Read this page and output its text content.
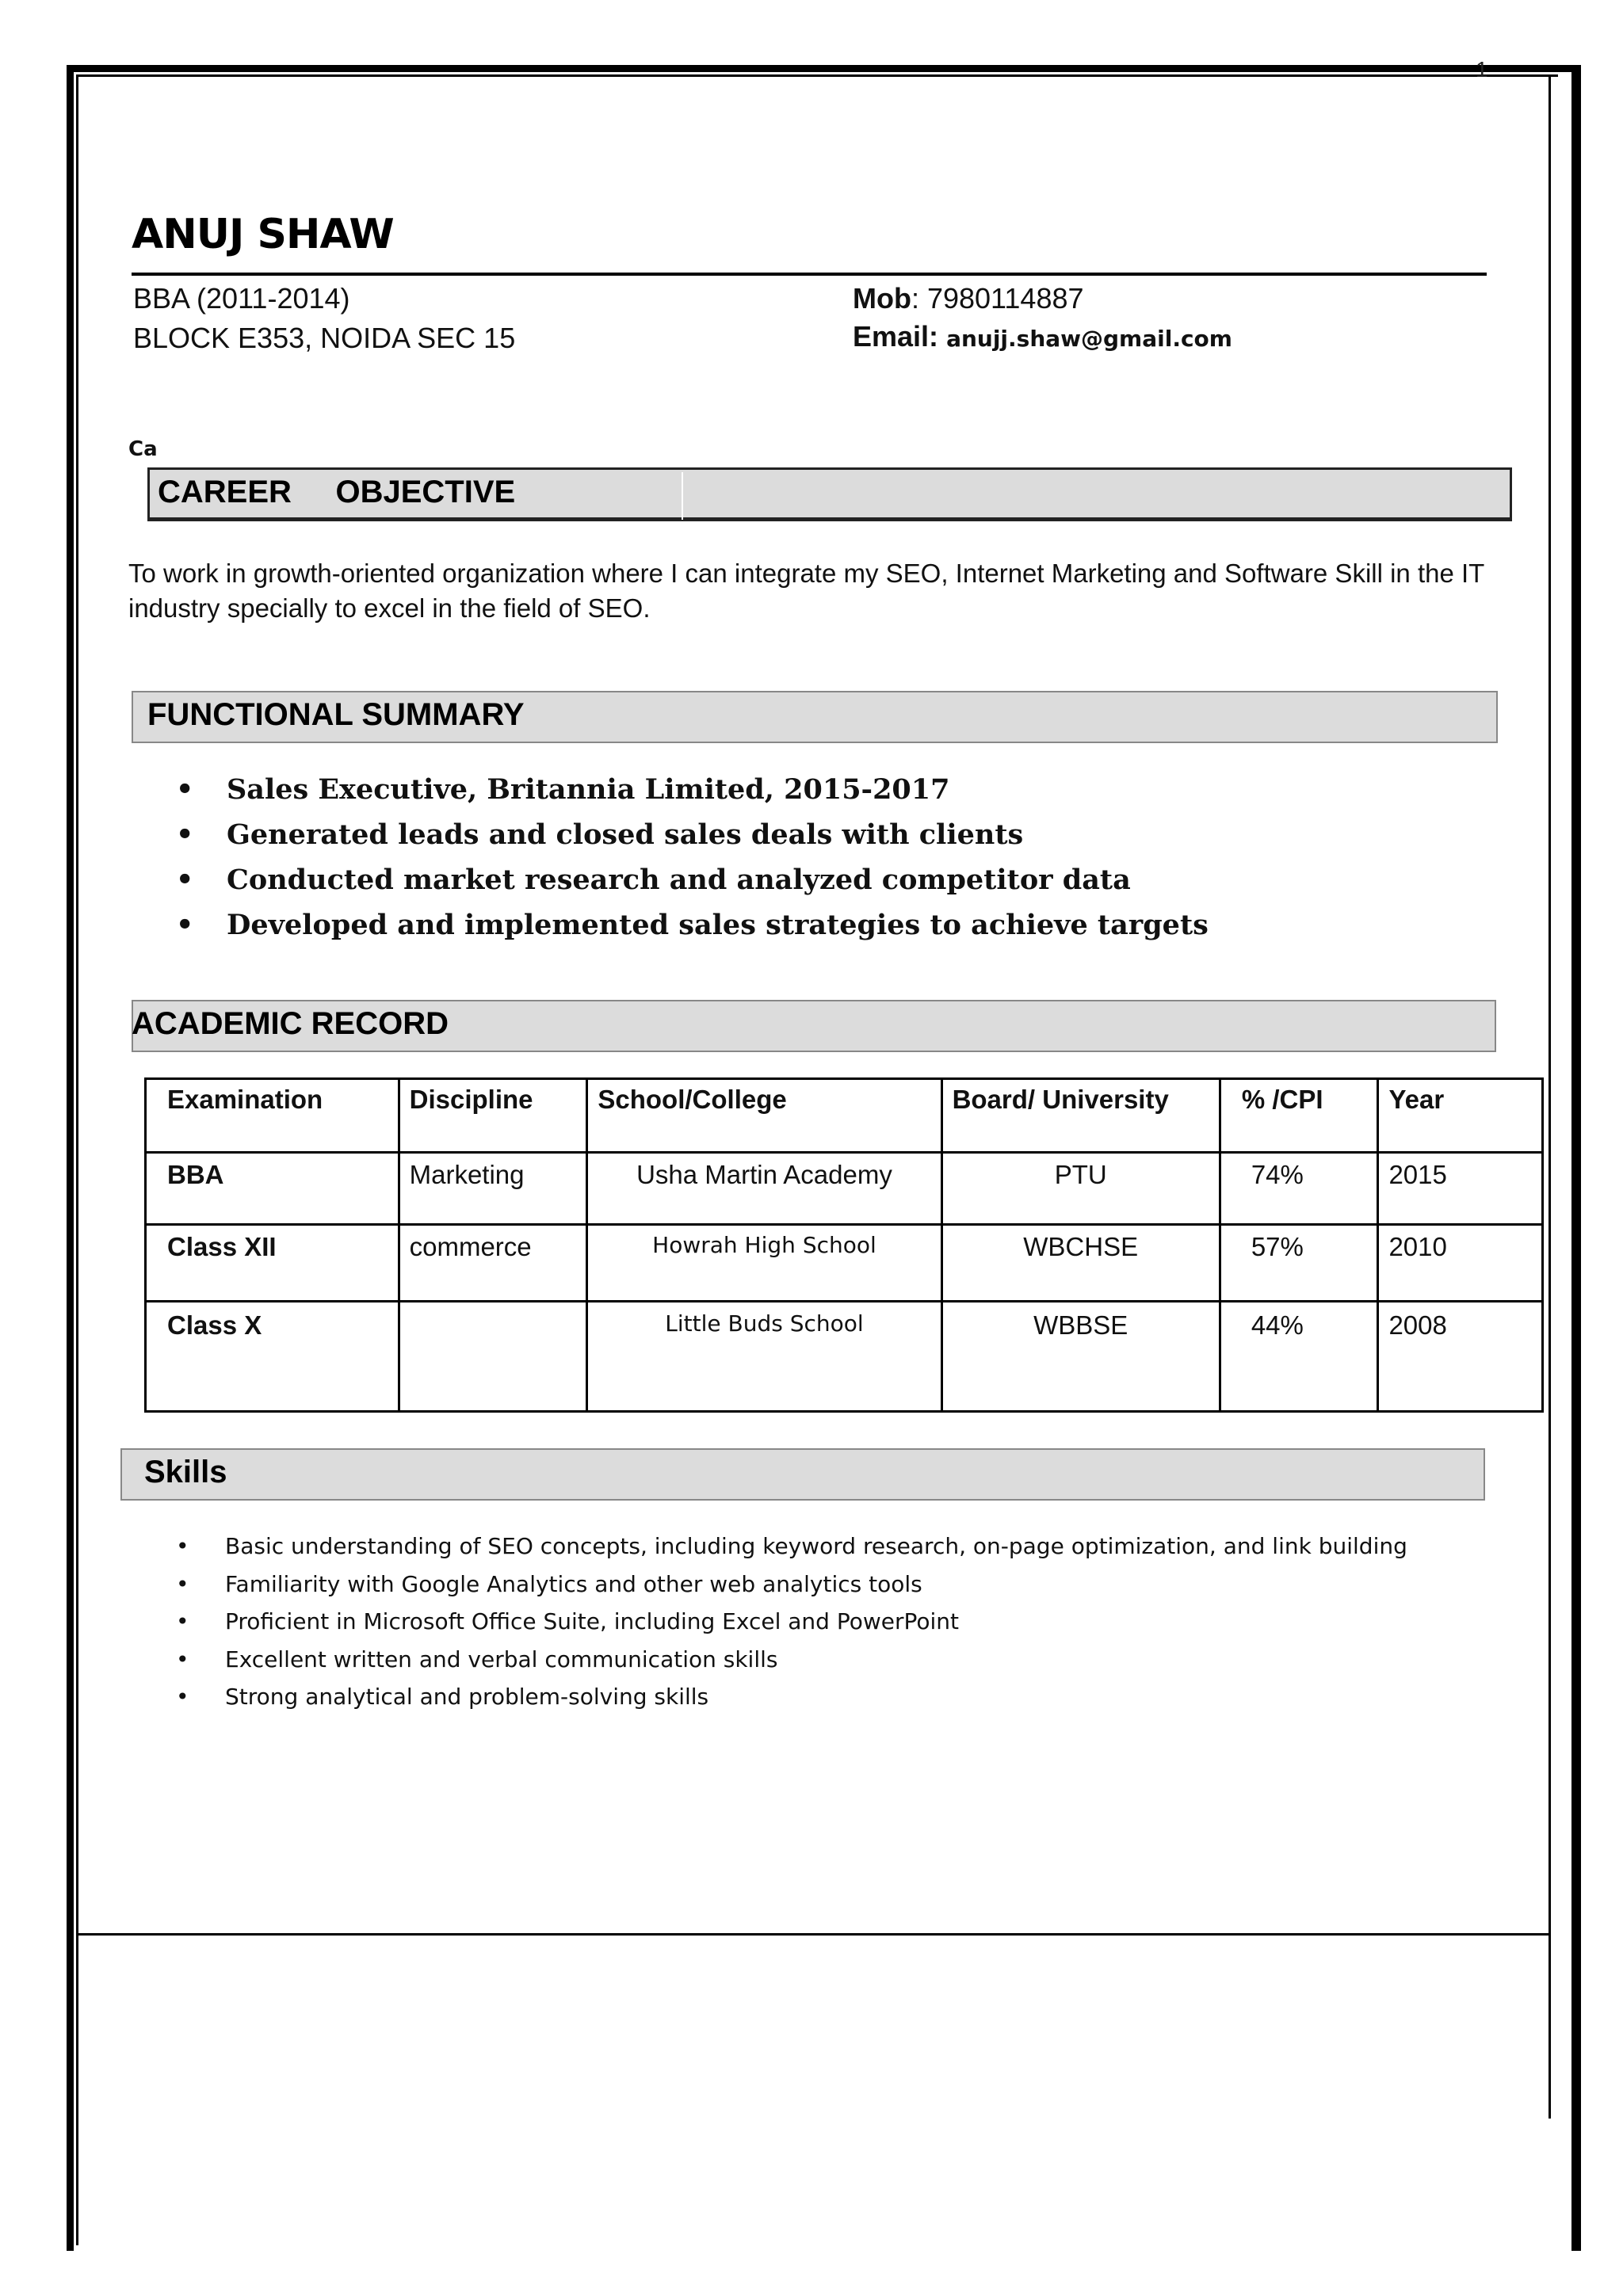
1
ANUJ SHAW
BBA (2011-2014)
BLOCK E353, NOIDA SEC 15
Mob: 7980114887
Email: anujj.shaw@gmail.com
Ca
CAREER     OBJECTIVE
To work in growth-oriented organization where I can integrate my SEO, Internet Marketing and Software Skill in the IT industry specially to excel in the field of SEO.
FUNCTIONAL SUMMARY
• Sales Executive, Britannia Limited, 2015-2017
• Generated leads and closed sales deals with clients
• Conducted market research and analyzed competitor data
• Developed and implemented sales strategies to achieve targets
ACADEMIC RECORD
Examination	Discipline	School/College	Board/ University	% /CPI	Year
BBA	Marketing	Usha Martin Academy	PTU	74%	2015
Class XII	commerce	Howrah High School	WBCHSE	57%	2010
Class X		Little Buds School	WBBSE	44%	2008
Skills
• Basic understanding of SEO concepts, including keyword research, on-page optimization, and link building
• Familiarity with Google Analytics and other web analytics tools
• Proficient in Microsoft Office Suite, including Excel and PowerPoint
• Excellent written and verbal communication skills
• Strong analytical and problem-solving skills
